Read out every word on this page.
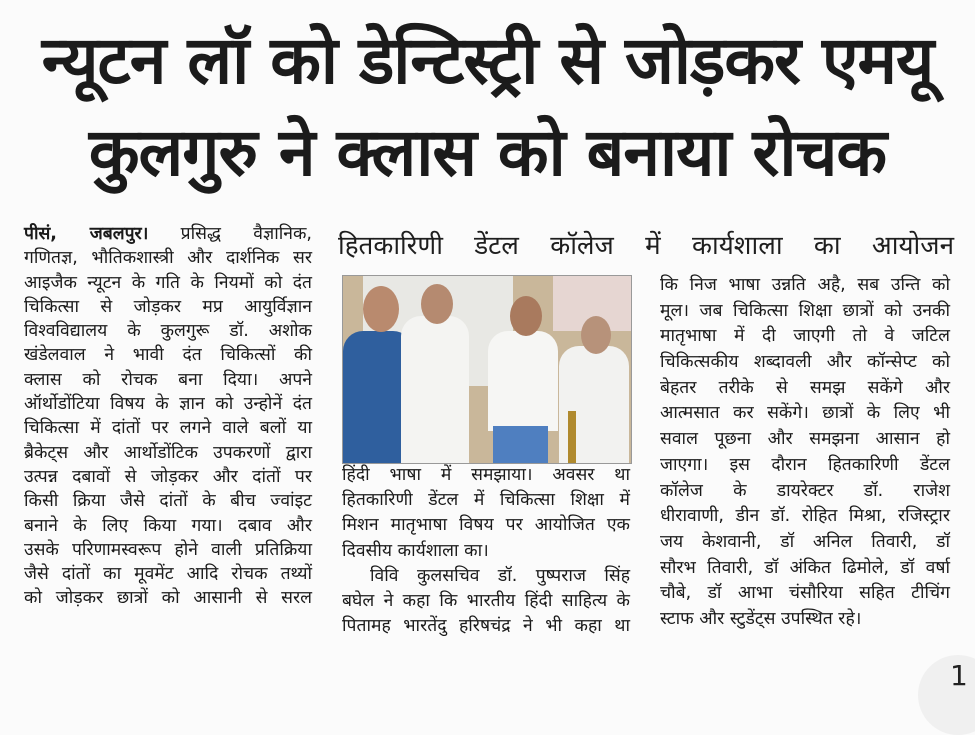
न्यूटन लॉ को डेन्टिस्ट्री से जोड़कर एमयू
कुलगुरु ने क्लास को बनाया रोचक
हितकारिणी डेंटल कॉलेज में कार्यशाला का आयोजन
पीसं, जबलपुर। प्रसिद्ध वैज्ञानिक,
गणितज्ञ, भौतिकशास्त्री और दार्शनिक सर
आइजैक न्यूटन के गति के नियमों को दंत
चिकित्सा से जोड़कर मप्र आयुर्विज्ञान
विश्वविद्यालय के कुलगुरू डॉ. अशोक
खंडेलवाल ने भावी दंत चिकित्सों की
क्लास को रोचक बना दिया। अपने
ऑर्थोडोंटिया विषय के ज्ञान को उन्होनें दंत
चिकित्सा में दांतों पर लगने वाले बलों या
ब्रैकेट्स और आर्थोडोंटिक उपकरणों द्वारा
उत्पन्न दबावों से जोड़कर और दांतों पर
किसी क्रिया जैसे दांतों के बीच ज्वांइट
बनाने के लिए किया गया। दबाव और
उसके परिणामस्वरूप होने वाली प्रतिक्रिया
जैसे दांतों का मूवमेंट आदि रोचक तथ्यों
को जोड़कर छात्रों को आसानी से सरल
हिंदी भाषा में समझाया। अवसर था
हितकारिणी डेंटल में चिकित्सा शिक्षा में
मिशन मातृभाषा विषय पर आयोजित एक
दिवसीय कार्यशाला का।
विवि कुलसचिव डॉ. पुष्पराज सिंह
बघेल ने कहा कि भारतीय हिंदी साहित्य के
पितामह भारतेंदु हरिषचंद्र ने भी कहा था
कि निज भाषा उन्नति अहै, सब उन्ति को
मूल। जब चिकित्सा शिक्षा छात्रों को उनकी
मातृभाषा में दी जाएगी तो वे जटिल
चिकित्सकीय शब्दावली और कॉन्सेप्ट को
बेहतर तरीके से समझ सकेंगे और
आत्मसात कर सकेंगे। छात्रों के लिए भी
सवाल पूछना और समझना आसान हो
जाएगा। इस दौरान हितकारिणी डेंटल
कॉलेज के डायरेक्टर डॉ. राजेश
धीरावाणी, डीन डॉ. रोहित मिश्रा, रजिस्ट्रार
जय केशवानी, डॉ अनिल तिवारी, डॉ
सौरभ तिवारी, डॉ अंकित ढिमोले, डॉ वर्षा
चौबे, डॉ आभा चंसौरिया सहित टीचिंग
स्टाफ और स्टुडेंट्स उपस्थित रहे।
1
